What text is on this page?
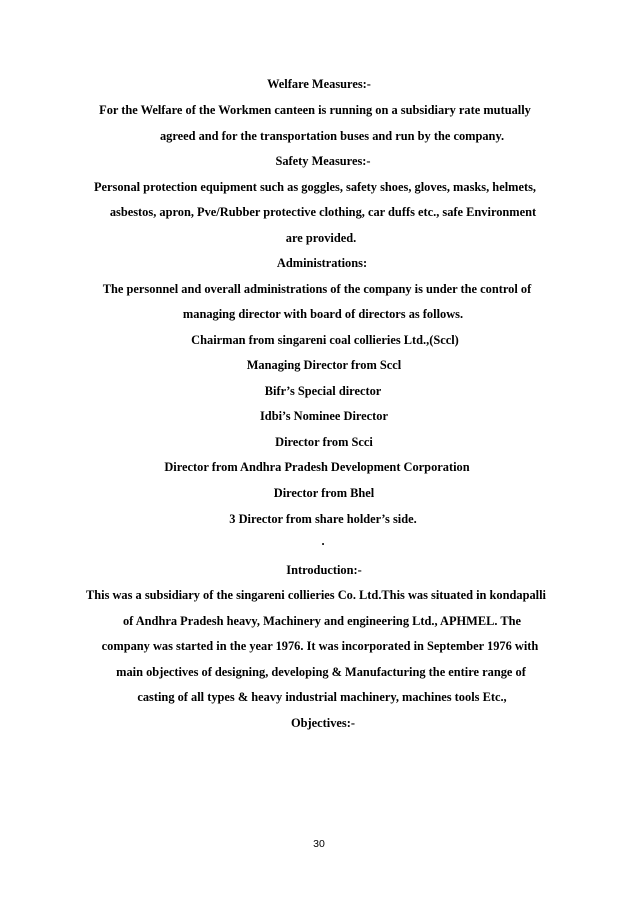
Welfare Measures:-
For the Welfare of the Workmen canteen is running on a subsidiary rate mutually
agreed and for the transportation buses and run by the company.
Safety Measures:-
Personal protection equipment such as goggles, safety shoes, gloves, masks, helmets,
asbestos, apron, Pve/Rubber protective clothing, car duffs etc., safe Environment
are provided.
Administrations:
The personnel and overall administrations of the company is under the control of
managing director with board of directors as follows.
Chairman from singareni coal collieries Ltd.,(Sccl)
Managing Director from Sccl
Bifr’s Special director
Idbi’s Nominee Director
Director from Scci
Director from Andhra Pradesh Development Corporation
Director from Bhel
3 Director from share holder’s side.
.
Introduction:-
This was a subsidiary of the singareni collieries Co. Ltd.This was situated in kondapalli
of Andhra Pradesh heavy, Machinery and engineering Ltd., APHMEL. The
company was started in the year 1976. It was incorporated in September 1976 with
main objectives of designing, developing & Manufacturing the entire range of
casting of all types & heavy industrial machinery, machines tools Etc.,
Objectives:-
30
